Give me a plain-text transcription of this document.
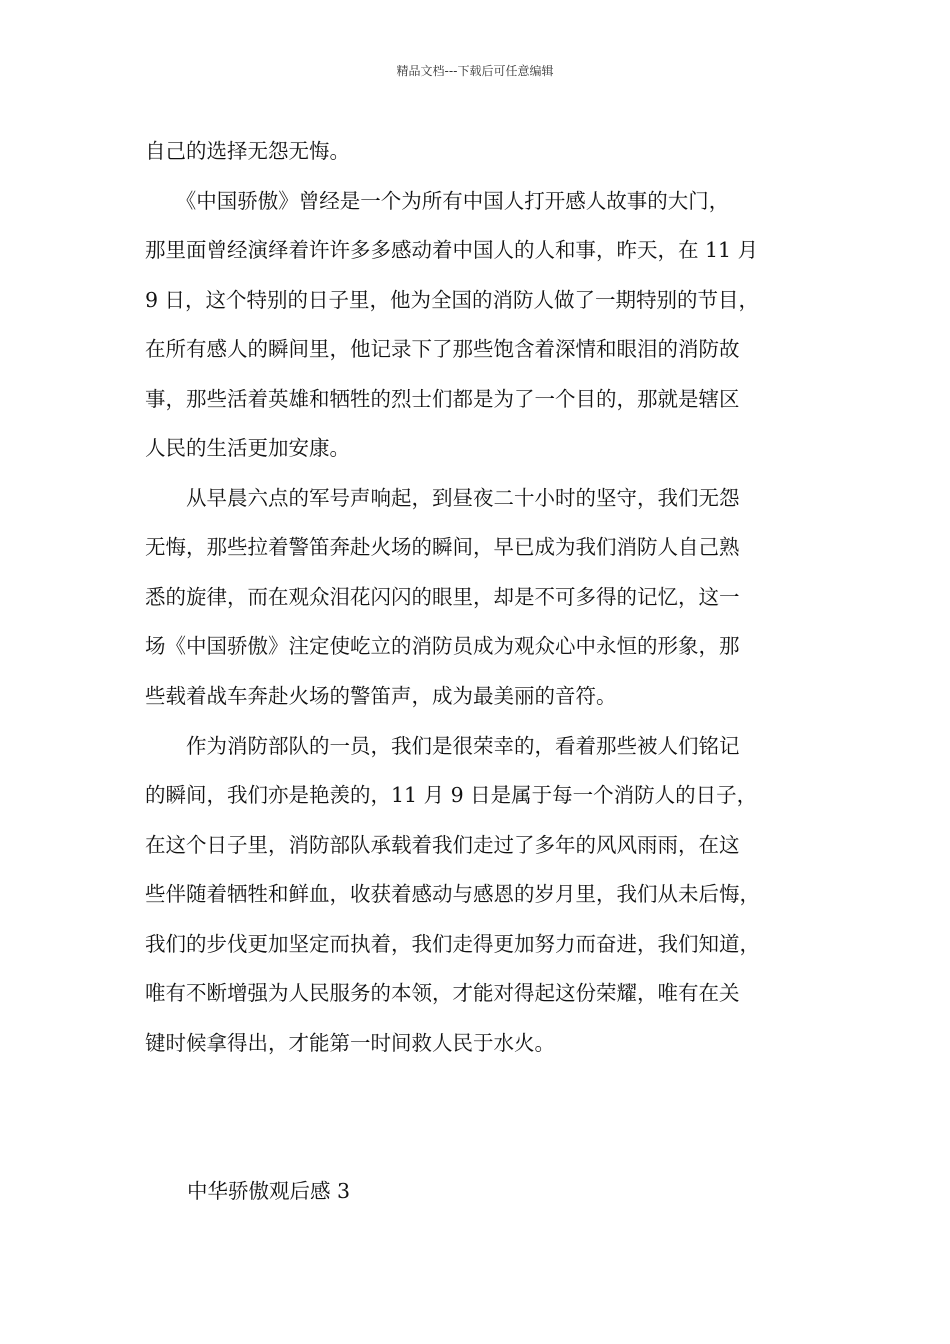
精品文档---下载后可任意编辑
自己的选择无怨无悔。
　　《中国骄傲》曾经是一个为所有中国人打开感人故事的大门，
那里面曾经演绎着许许多多感动着中国人的人和事，昨天，在 11 月
9 日，这个特别的日子里，他为全国的消防人做了一期特别的节目，
在所有感人的瞬间里，他记录下了那些饱含着深情和眼泪的消防故
事，那些活着英雄和牺牲的烈士们都是为了一个目的，那就是辖区
人民的生活更加安康。
　　从早晨六点的军号声响起，到昼夜二十小时的坚守，我们无怨
无悔，那些拉着警笛奔赴火场的瞬间，早已成为我们消防人自己熟
悉的旋律，而在观众泪花闪闪的眼里，却是不可多得的记忆，这一
场《中国骄傲》注定使屹立的消防员成为观众心中永恒的形象，那
些载着战车奔赴火场的警笛声，成为最美丽的音符。
　　作为消防部队的一员，我们是很荣幸的，看着那些被人们铭记
的瞬间，我们亦是艳羡的，11 月 9 日是属于每一个消防人的日子，
在这个日子里，消防部队承载着我们走过了多年的风风雨雨，在这
些伴随着牺牲和鲜血，收获着感动与感恩的岁月里，我们从未后悔，
我们的步伐更加坚定而执着，我们走得更加努力而奋进，我们知道，
唯有不断增强为人民服务的本领，才能对得起这份荣耀，唯有在关
键时候拿得出，才能第一时间救人民于水火。
中华骄傲观后感 3
